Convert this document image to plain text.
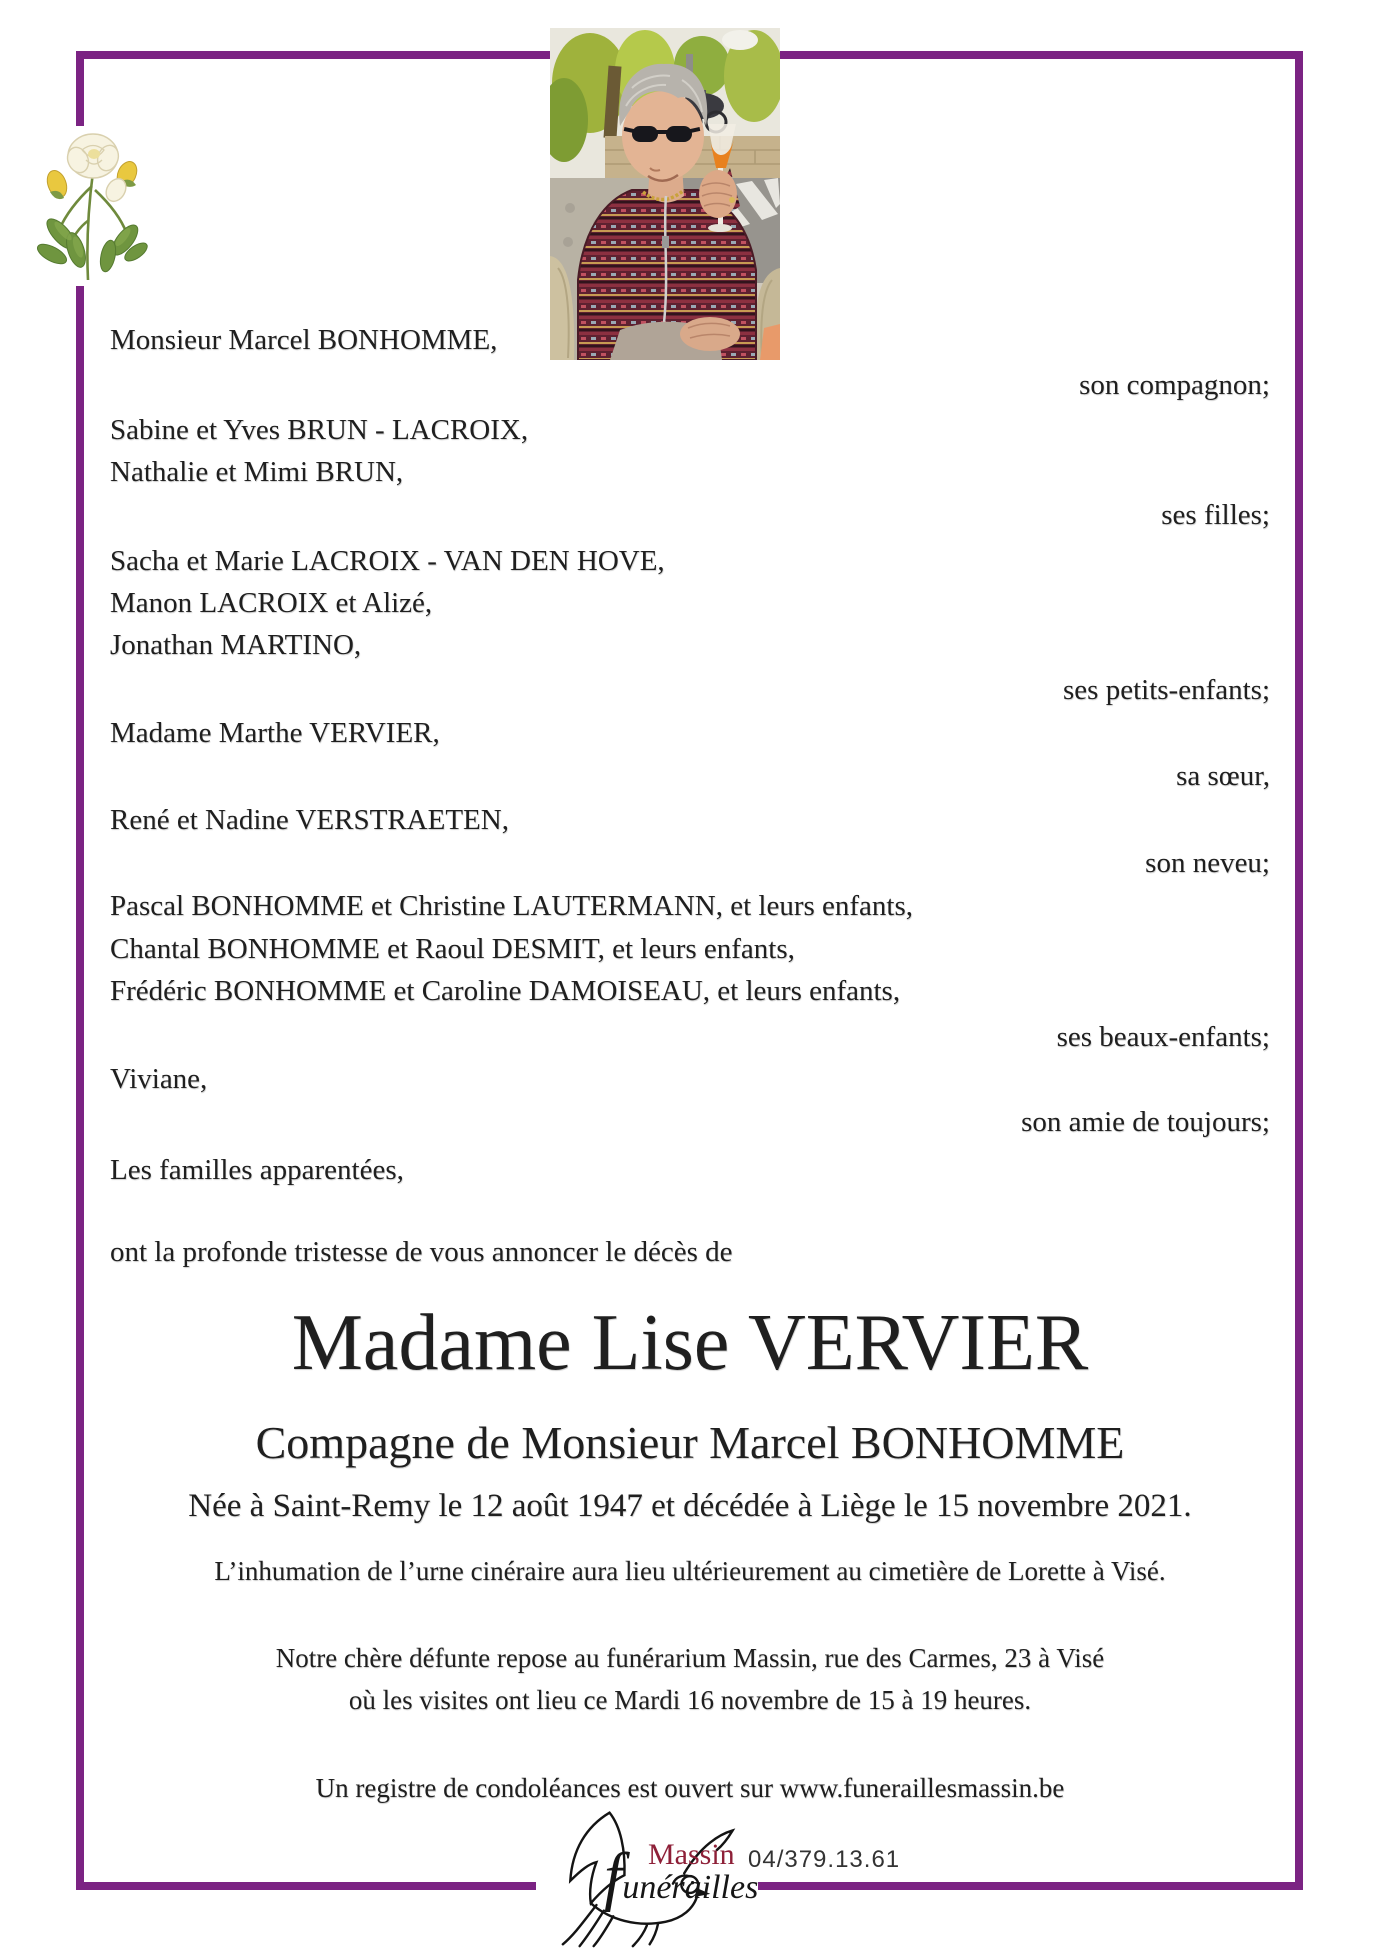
Monsieur Marcel BONHOMME,
son compagnon;
Sabine et Yves BRUN - LACROIX,
Nathalie et Mimi BRUN,
ses filles;
Sacha et Marie LACROIX - VAN DEN HOVE,
Manon LACROIX et Alizé,
Jonathan MARTINO,
ses petits-enfants;
Madame Marthe VERVIER,
sa sœur,
René et Nadine VERSTRAETEN,
son neveu;
Pascal BONHOMME et Christine LAUTERMANN, et leurs enfants,
Chantal BONHOMME et Raoul DESMIT, et leurs enfants,
Frédéric BONHOMME et Caroline DAMOISEAU, et leurs enfants,
ses beaux-enfants;
Viviane,
son amie de toujours;
Les familles apparentées,
ont la profonde tristesse de vous annoncer le décès de
Madame Lise VERVIER
Compagne de Monsieur Marcel BONHOMME
Née à Saint-Remy le 12 août 1947 et décédée à Liège le 15 novembre 2021.
L’inhumation de l’urne cinéraire aura lieu ultérieurement au cimetière de Lorette à Visé.
Notre chère défunte repose au funérarium Massin, rue des Carmes, 23 à Visé
où les visites ont lieu ce Mardi 16 novembre de 15 à 19 heures.
Un registre de condoléances est ouvert sur www.funeraillesmassin.be
Massin
funérailles
04/379.13.61
